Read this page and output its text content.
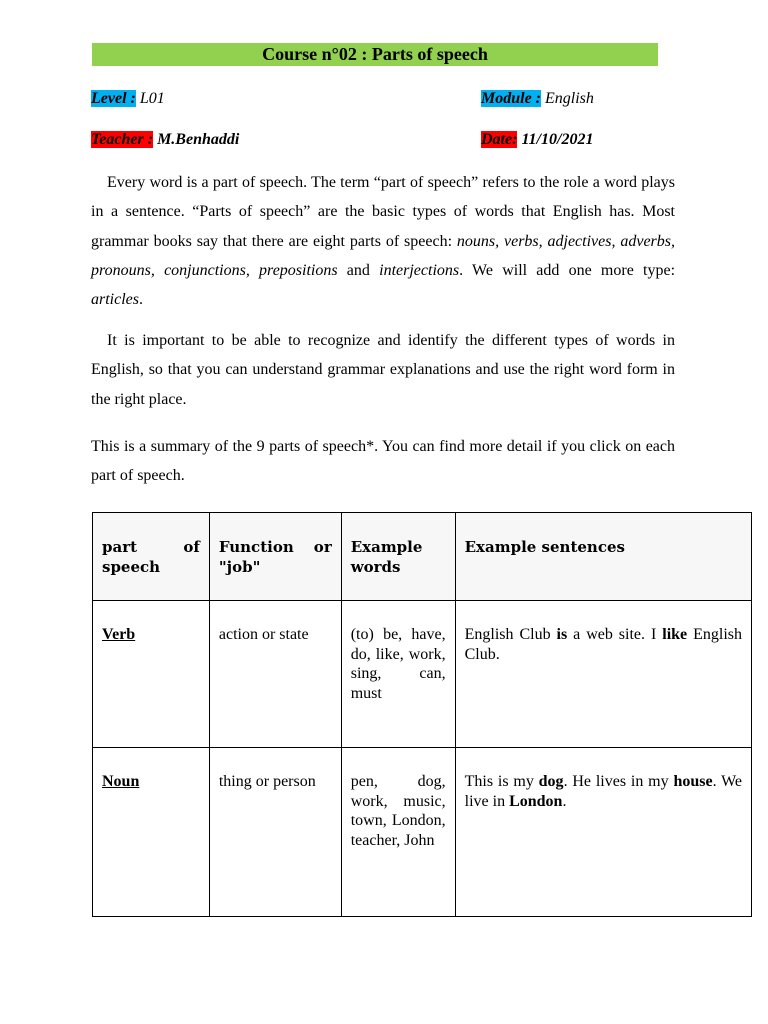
Course n°02 : Parts of speech
Level : L01	Module : English
Teacher : M.Benhaddi	Date: 11/10/2021

Every word is a part of speech. The term “part of speech” refers to the role a word plays in a sentence. “Parts of speech” are the basic types of words that English has. Most grammar books say that there are eight parts of speech: nouns, verbs, adjectives, adverbs, pronouns, conjunctions, prepositions and interjections. We will add one more type: articles.

It is important to be able to recognize and identify the different types of words in English, so that you can understand grammar explanations and use the right word form in the right place.

This is a summary of the 9 parts of speech*. You can find more detail if you click on each part of speech.

part of speech	Function or "job"	Example words	Example sentences
Verb	action or state	(to) be, have, do, like, work, sing, can, must	English Club is a web site. I like English Club.
Noun	thing or person	pen, dog, work, music, town, London, teacher, John	This is my dog. He lives in my house. We live in London.
